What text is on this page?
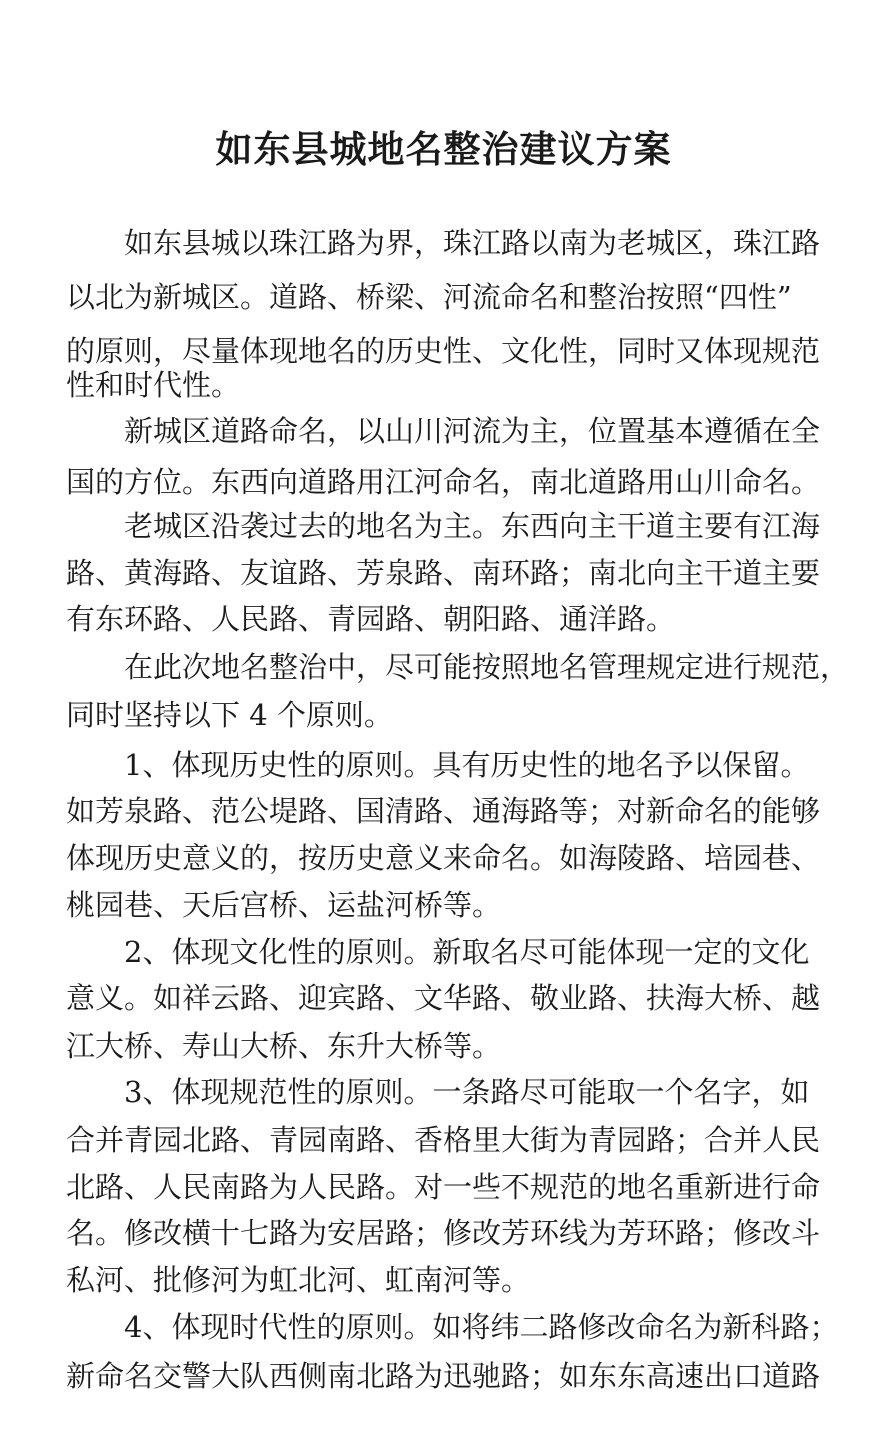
如东县城地名整治建议方案

如东县城以珠江路为界，珠江路以南为老城区，珠江路

以北为新城区。道路、桥梁、河流命名和整治按照“四性”

的原则，尽量体现地名的历史性、文化性，同时又体现规范

性和时代性。

新城区道路命名，以山川河流为主，位置基本遵循在全

国的方位。东西向道路用江河命名，南北道路用山川命名。

老城区沿袭过去的地名为主。东西向主干道主要有江海

路、黄海路、友谊路、芳泉路、南环路；南北向主干道主要

有东环路、人民路、青园路、朝阳路、通洋路。

在此次地名整治中，尽可能按照地名管理规定进行规范，

同时坚持以下 4 个原则。

1、体现历史性的原则。具有历史性的地名予以保留。

如芳泉路、范公堤路、国清路、通海路等；对新命名的能够

体现历史意义的，按历史意义来命名。如海陵路、培园巷、

桃园巷、天后宫桥、运盐河桥等。

2、体现文化性的原则。新取名尽可能体现一定的文化

意义。如祥云路、迎宾路、文华路、敬业路、扶海大桥、越

江大桥、寿山大桥、东升大桥等。

3、体现规范性的原则。一条路尽可能取一个名字，如

合并青园北路、青园南路、香格里大街为青园路；合并人民

北路、人民南路为人民路。对一些不规范的地名重新进行命

名。修改横十七路为安居路；修改芳环线为芳环路；修改斗

私河、批修河为虹北河、虹南河等。

4、体现时代性的原则。如将纬二路修改命名为新科路；

新命名交警大队西侧南北路为迅驰路；如东东高速出口道路
